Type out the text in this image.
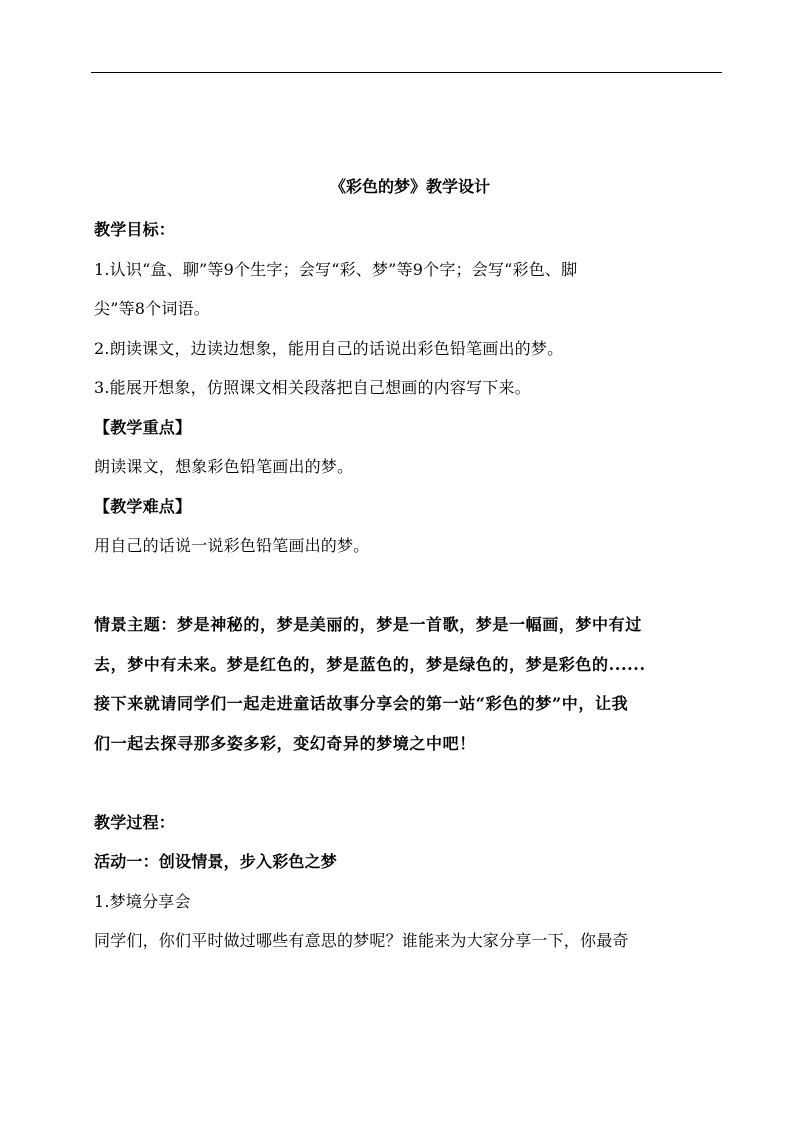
《彩色的梦》教学设计
教学目标：
1.认识“盒、聊”等9个生字；会写“彩、梦”等9个字；会写“彩色、脚
尖”等8个词语。
2.朗读课文，边读边想象，能用自己的话说出彩色铅笔画出的梦。
3.能展开想象，仿照课文相关段落把自己想画的内容写下来。
【教学重点】
朗读课文，想象彩色铅笔画出的梦。
【教学难点】
用自己的话说一说彩色铅笔画出的梦。
情景主题：梦是神秘的，梦是美丽的，梦是一首歌，梦是一幅画，梦中有过
去，梦中有未来。梦是红色的，梦是蓝色的，梦是绿色的，梦是彩色的......
接下来就请同学们一起走进童话故事分享会的第一站“彩色的梦”中，让我
们一起去探寻那多姿多彩，变幻奇异的梦境之中吧！
教学过程：
活动一：创设情景，步入彩色之梦
1.梦境分享会
同学们，你们平时做过哪些有意思的梦呢？谁能来为大家分享一下，你最奇
